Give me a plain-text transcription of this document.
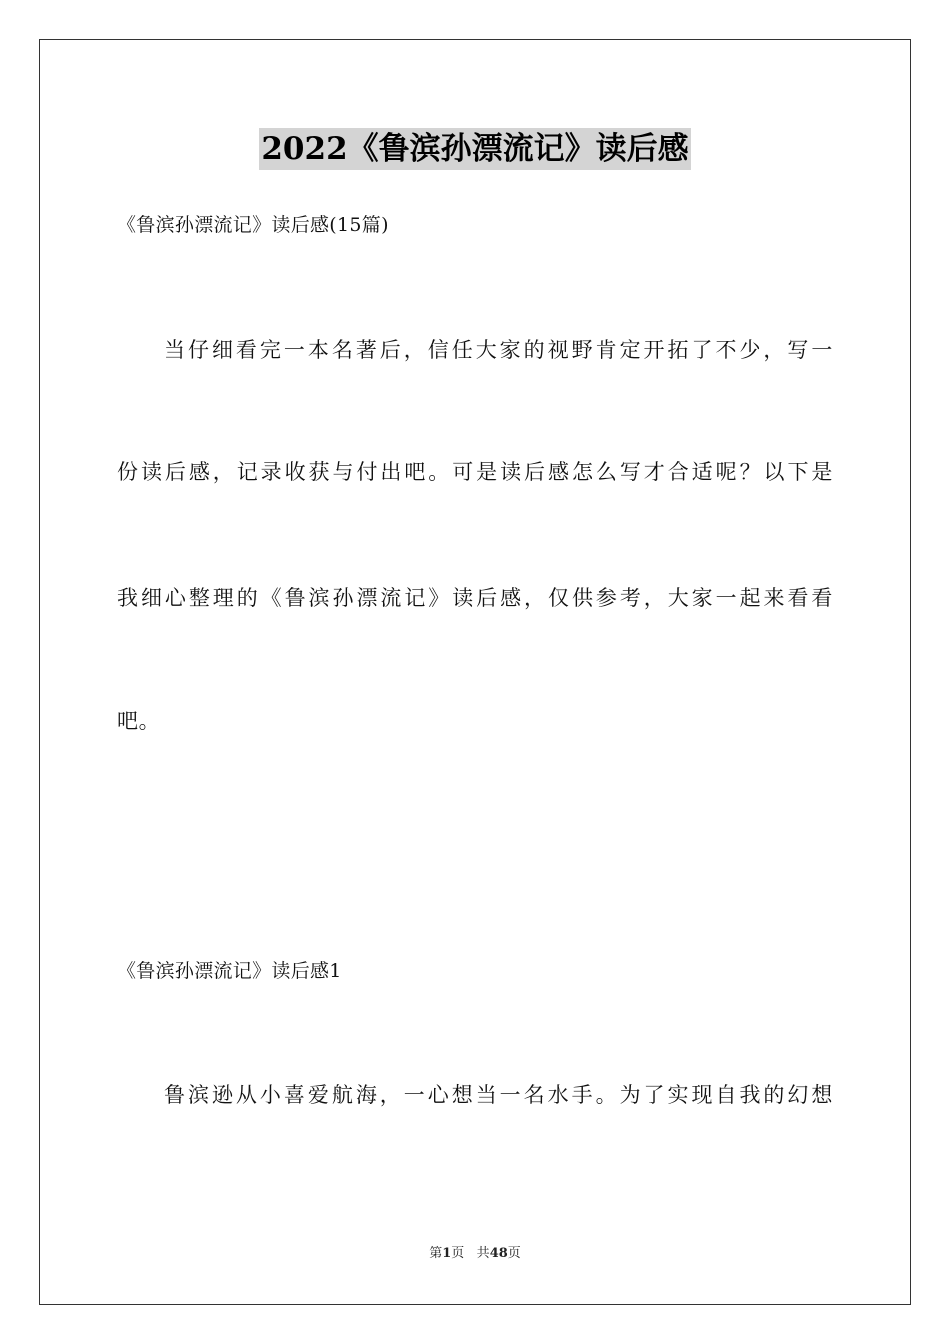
2022《鲁滨孙漂流记》读后感
《鲁滨孙漂流记》读后感(15篇)
当仔细看完一本名著后，信任大家的视野肯定开拓了不少，写一
份读后感，记录收获与付出吧。可是读后感怎么写才合适呢？以下是
我细心整理的《鲁滨孙漂流记》读后感，仅供参考，大家一起来看看
吧。
《鲁滨孙漂流记》读后感1
鲁滨逊从小喜爱航海，一心想当一名水手。为了实现自我的幻想
第1页 共48页
